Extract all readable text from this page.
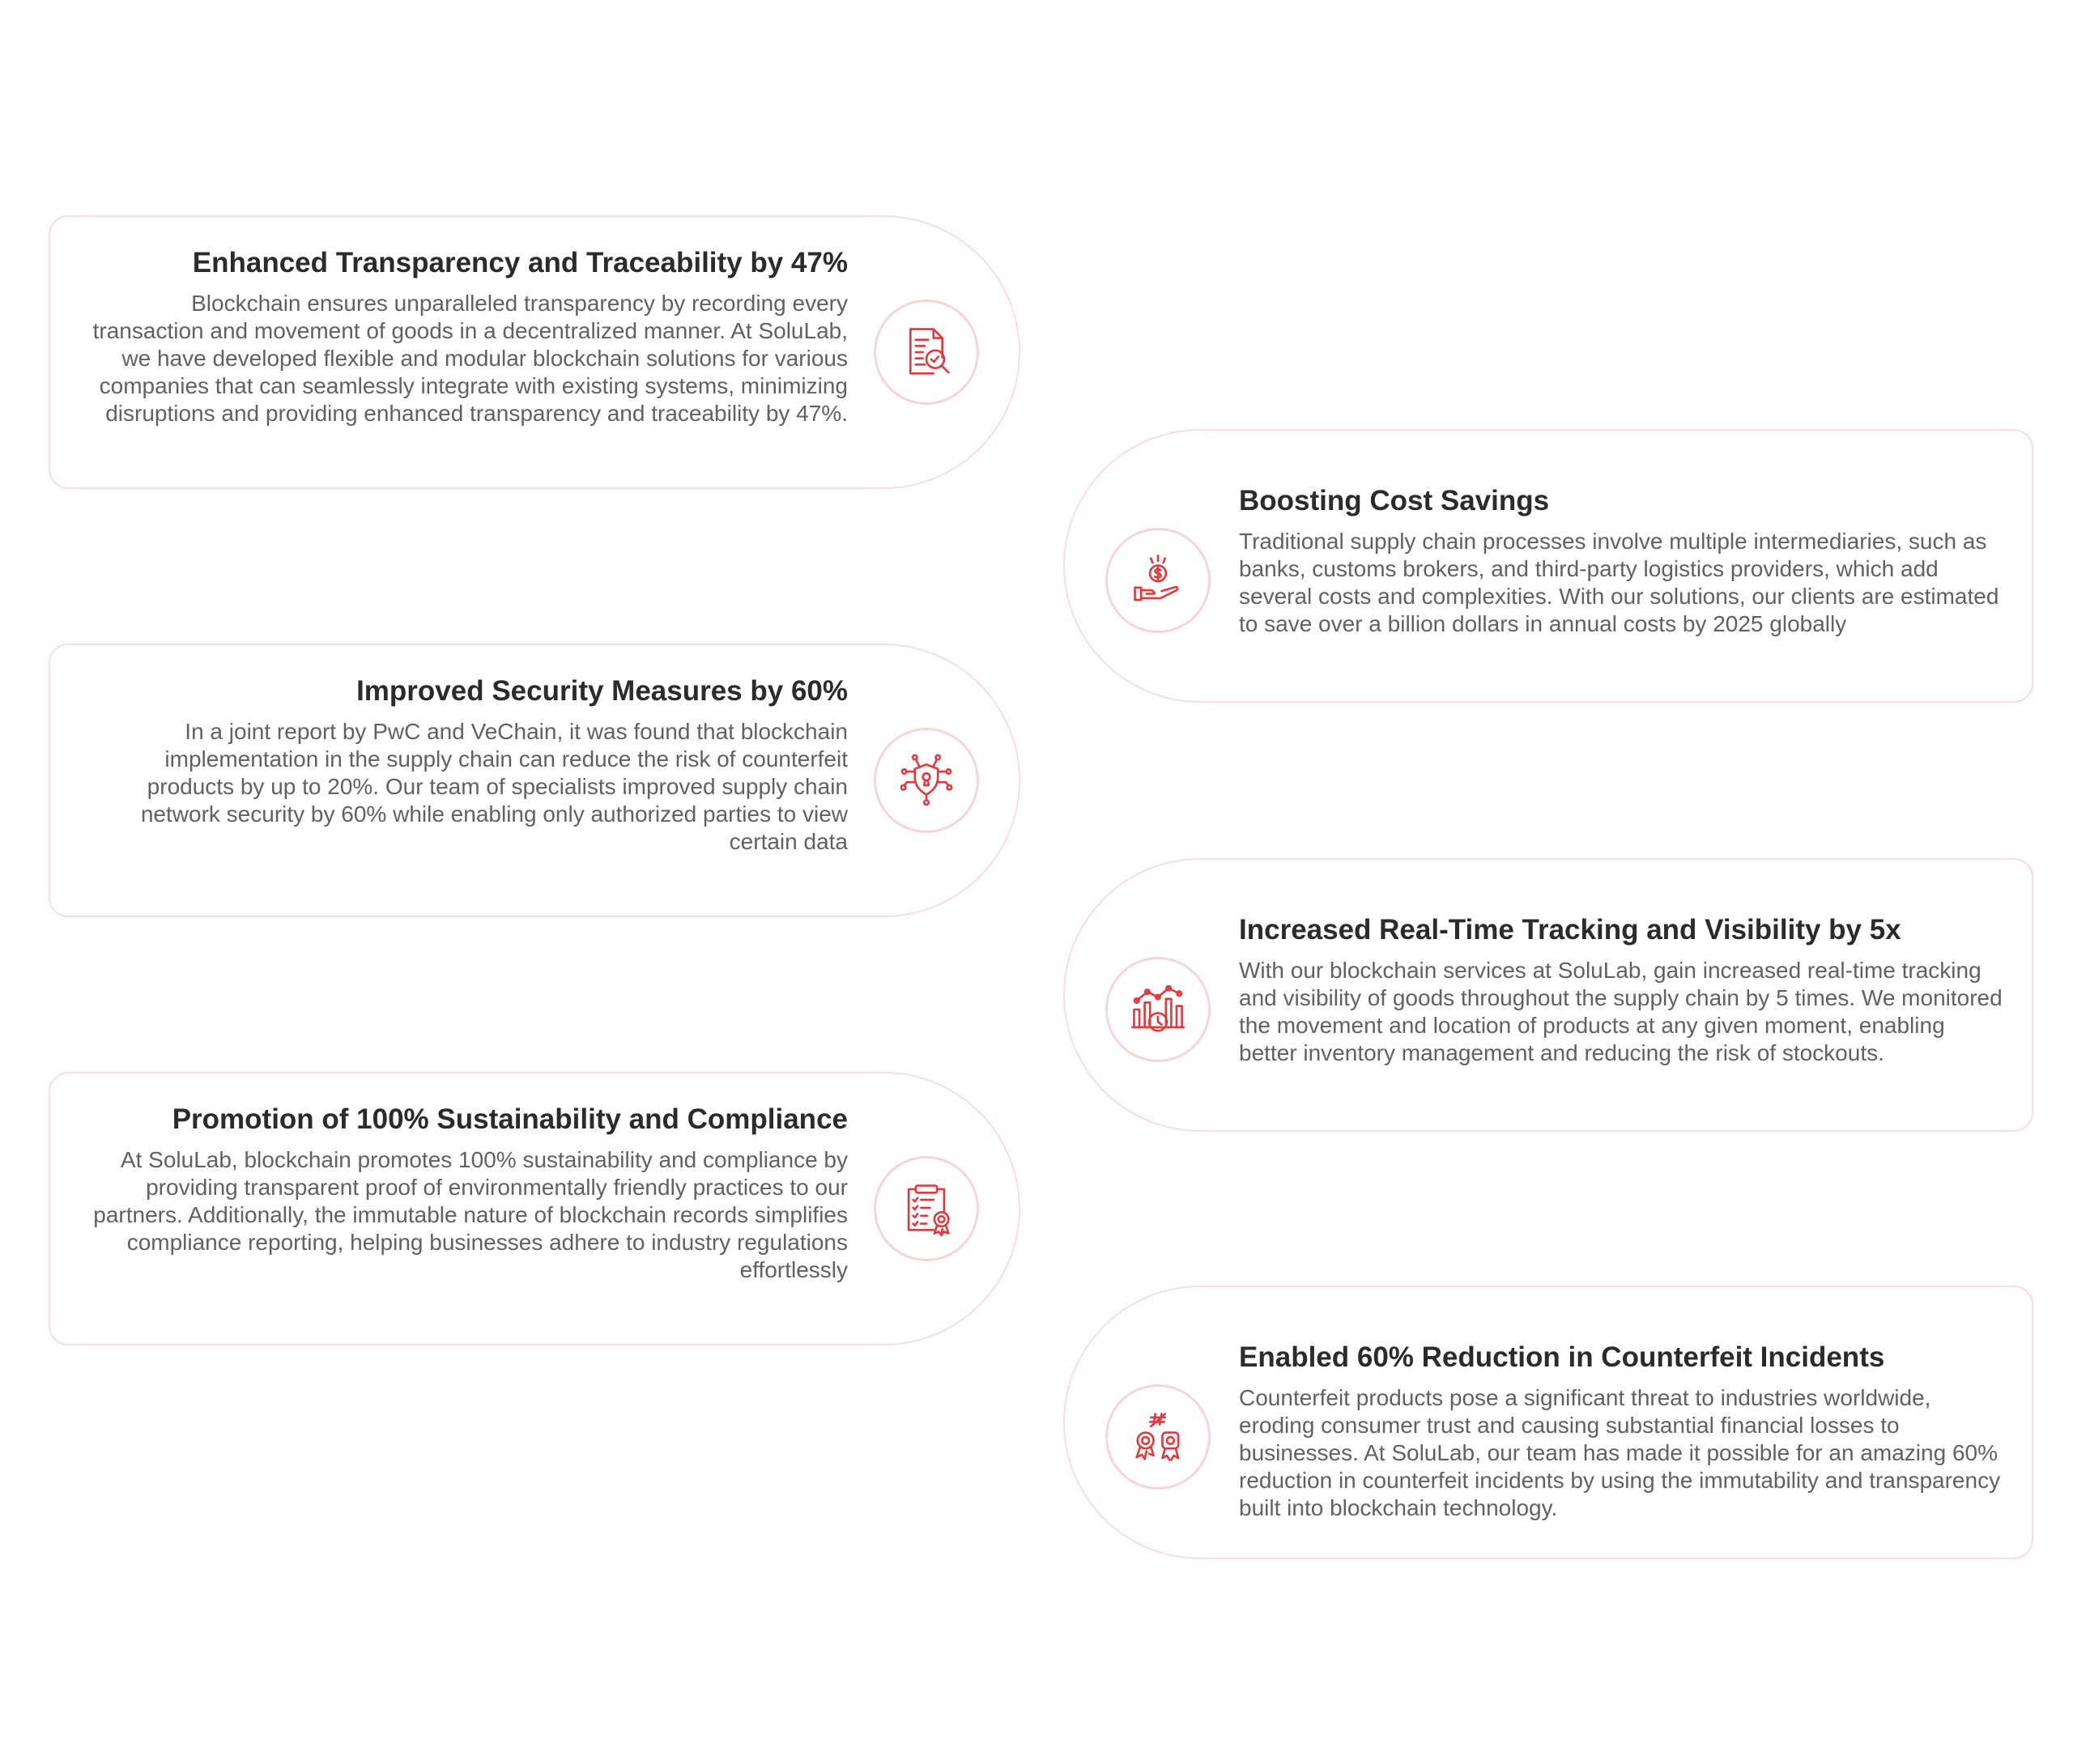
Enhanced Transparency and Traceability by 47%

Blockchain ensures unparalleled transparency by recording every transaction and movement of goods in a decentralized manner. At SoluLab, we have developed flexible and modular blockchain solutions for various companies that can seamlessly integrate with existing systems, minimizing disruptions and providing enhanced transparency and traceability by 47%.

Boosting Cost Savings

Traditional supply chain processes involve multiple intermediaries, such as banks, customs brokers, and third-party logistics providers, which add several costs and complexities. With our solutions, our clients are estimated to save over a billion dollars in annual costs by 2025 globally

Improved Security Measures by 60%

In a joint report by PwC and VeChain, it was found that blockchain implementation in the supply chain can reduce the risk of counterfeit products by up to 20%. Our team of specialists improved supply chain network security by 60% while enabling only authorized parties to view certain data

Increased Real-Time Tracking and Visibility by 5x

With our blockchain services at SoluLab, gain increased real-time tracking and visibility of goods throughout the supply chain by 5 times. We monitored the movement and location of products at any given moment, enabling better inventory management and reducing the risk of stockouts.

Promotion of 100% Sustainability and Compliance

At SoluLab, blockchain promotes 100% sustainability and compliance by providing transparent proof of environmentally friendly practices to our partners. Additionally, the immutable nature of blockchain records simplifies compliance reporting, helping businesses adhere to industry regulations effortlessly

Enabled 60% Reduction in Counterfeit Incidents

Counterfeit products pose a significant threat to industries worldwide, eroding consumer trust and causing substantial financial losses to businesses. At SoluLab, our team has made it possible for an amazing 60% reduction in counterfeit incidents by using the immutability and transparency built into blockchain technology.
